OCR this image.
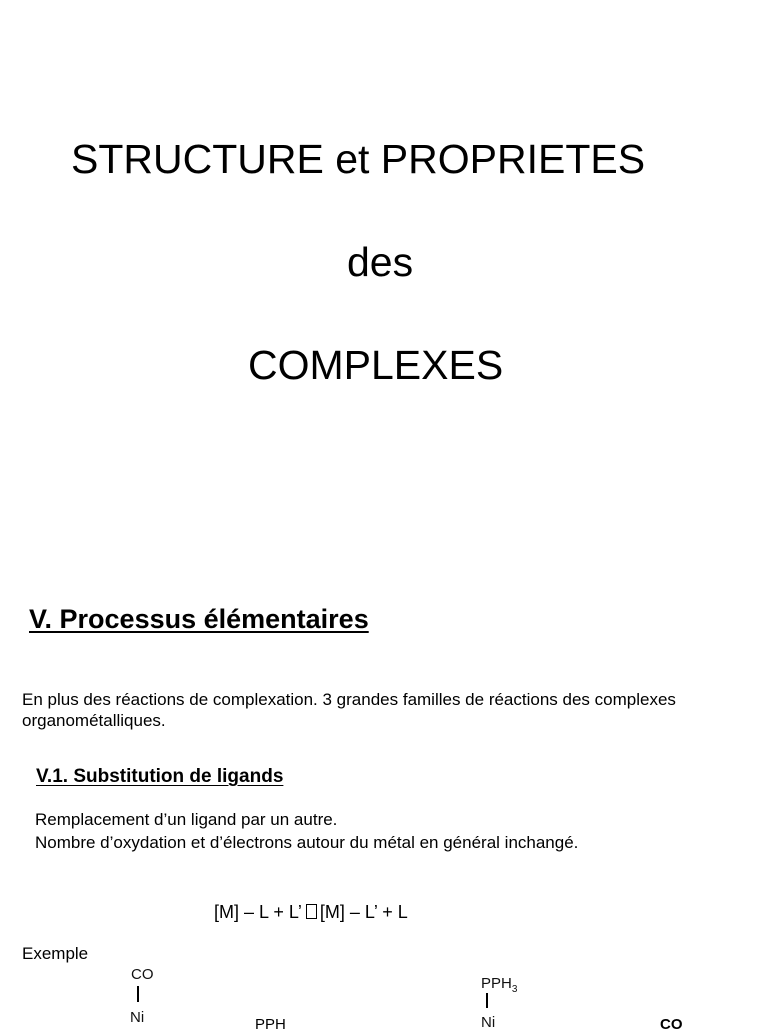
STRUCTURE et PROPRIETES
des
COMPLEXES
V. Processus élémentaires
En plus des réactions de complexation. 3 grandes familles de réactions des complexes organométalliques.
V.1. Substitution de ligands
Remplacement d’un ligand par un autre.
Nombre d’oxydation et d’électrons autour du métal en général inchangé.
[M] – L + L’ [M] – L’ + L
Exemple
CO
Ni	PPH
$PPH_3$
Ni	CO
